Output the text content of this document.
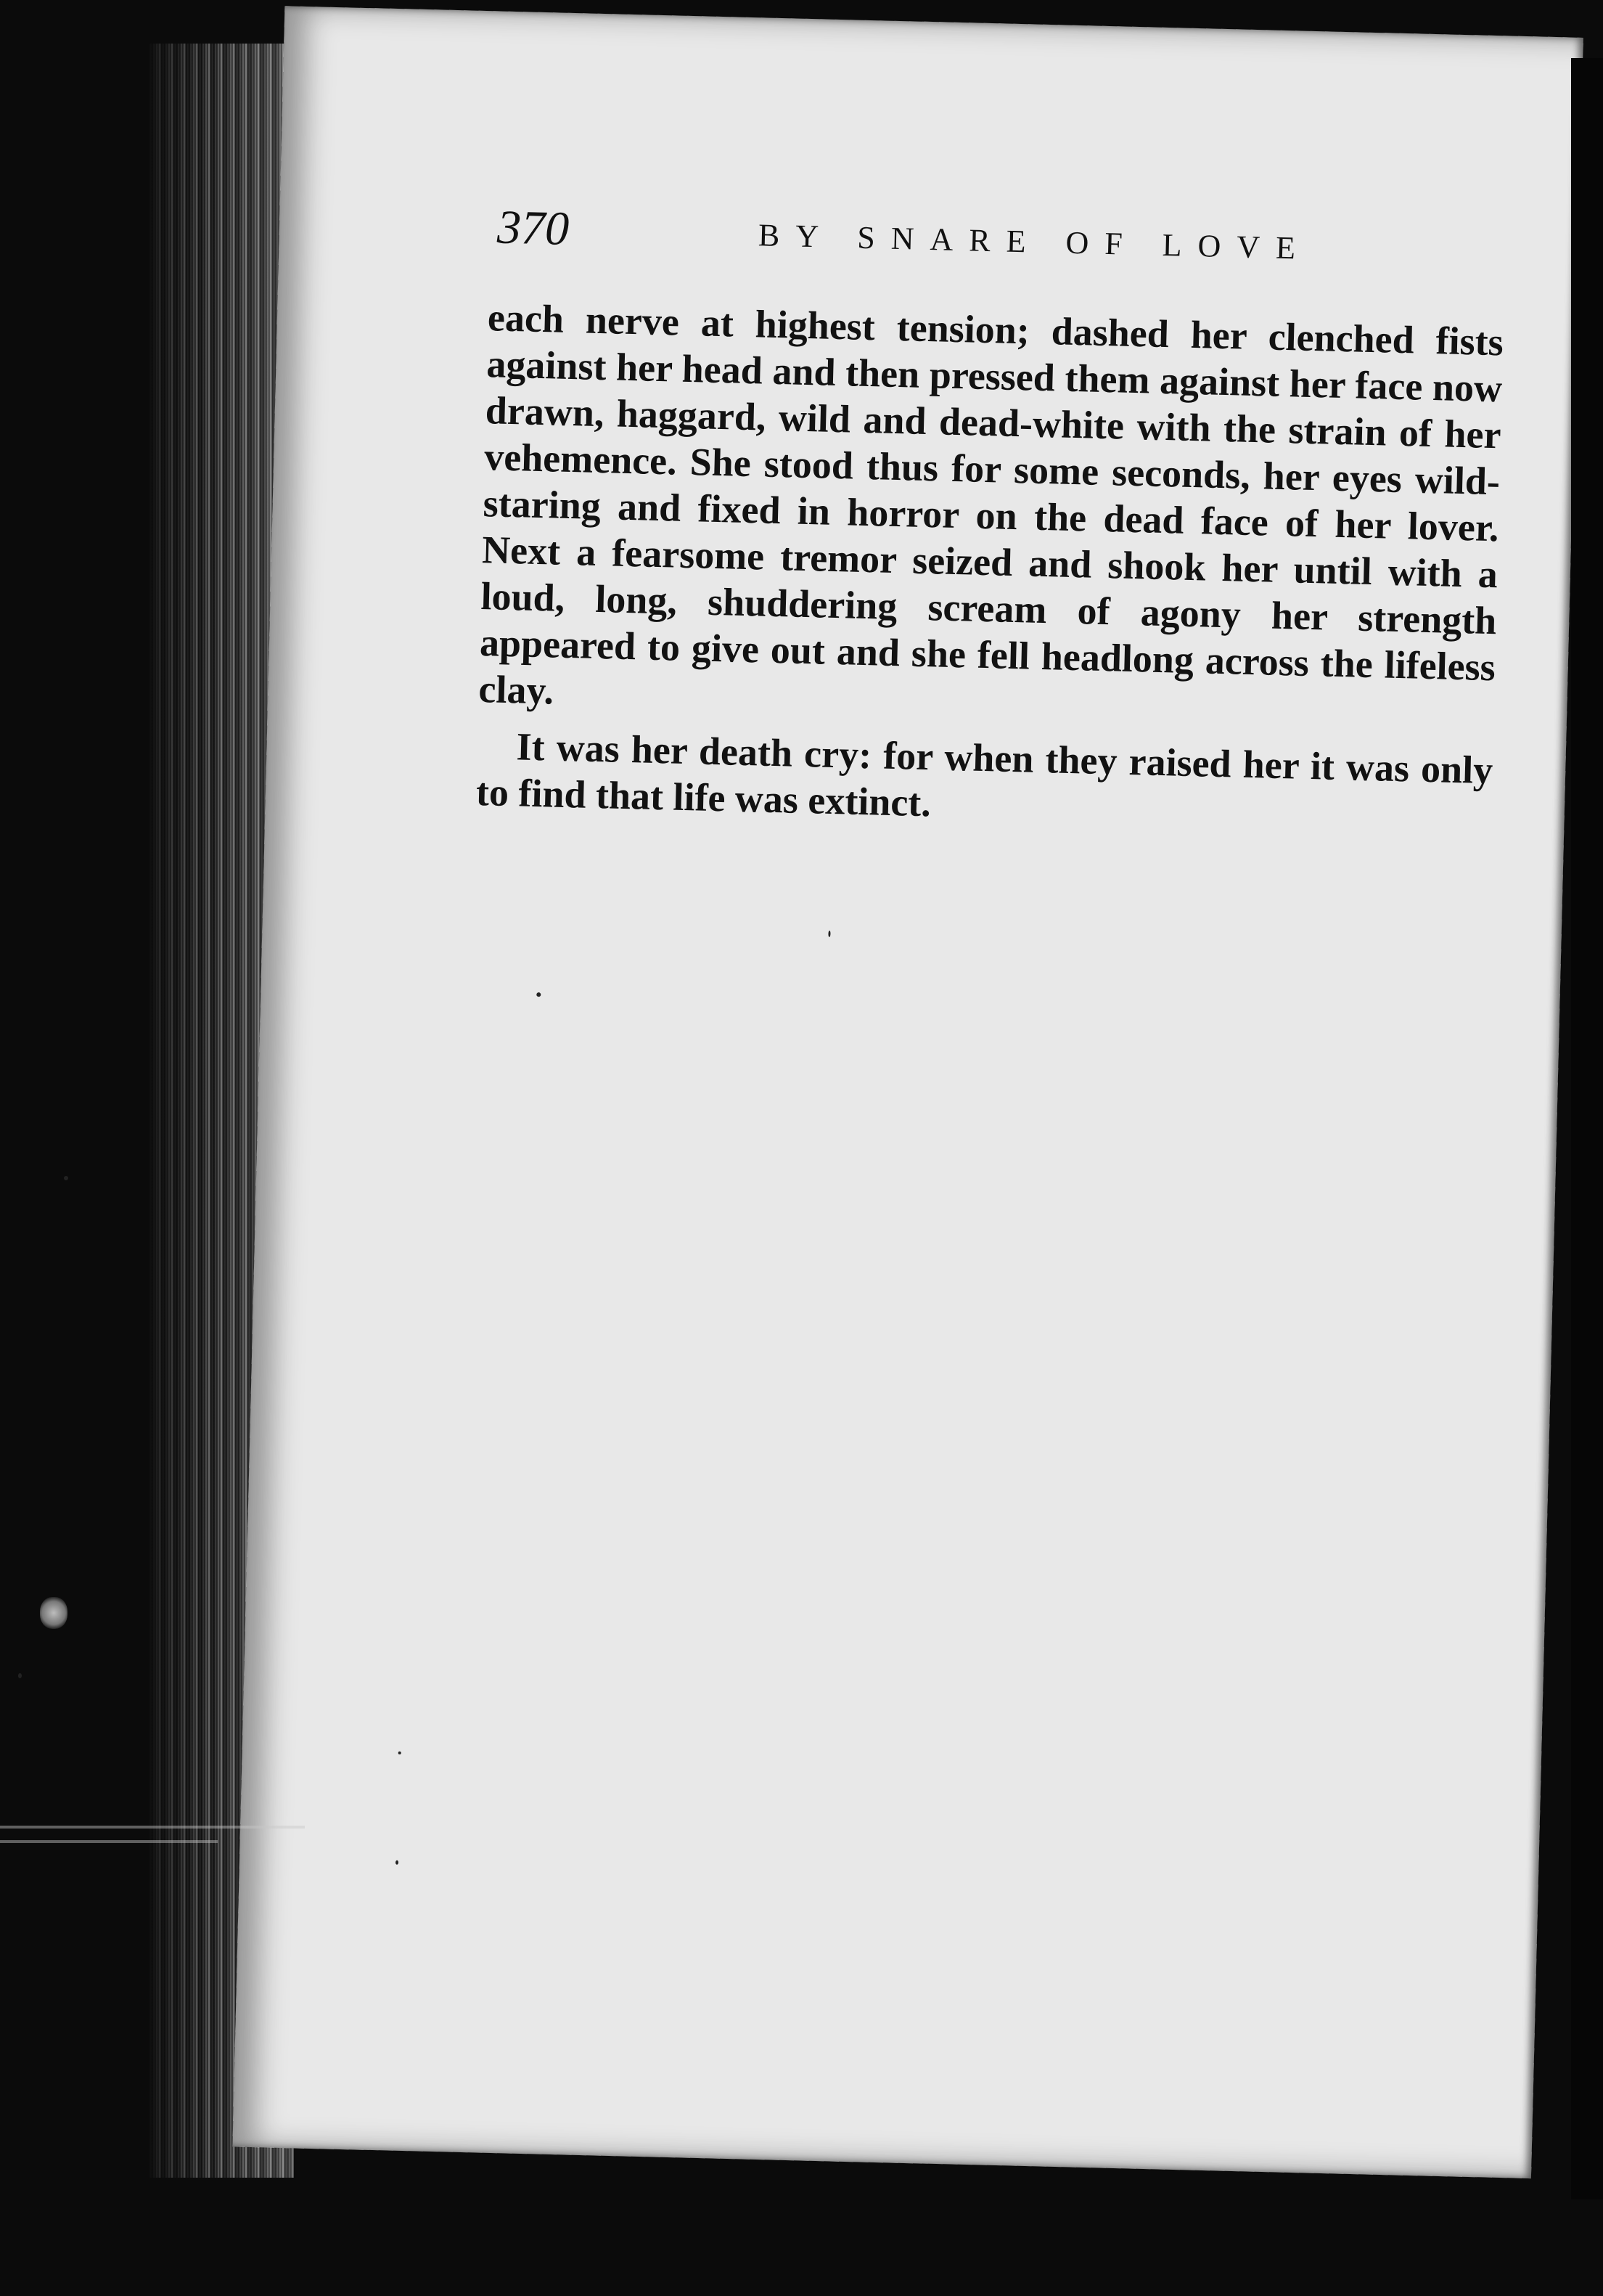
370	BY SNARE OF LOVE

each nerve at highest tension; dashed her clenched fists against her head and then pressed them against her face now drawn, haggard, wild and dead-white with the strain of her vehemence. She stood thus for some seconds, her eyes wild-staring and fixed in horror on the dead face of her lover. Next a fearsome tremor seized and shook her until with a loud, long, shuddering scream of agony her strength appeared to give out and she fell headlong across the lifeless clay.

It was her death cry: for when they raised her it was only to find that life was extinct.
